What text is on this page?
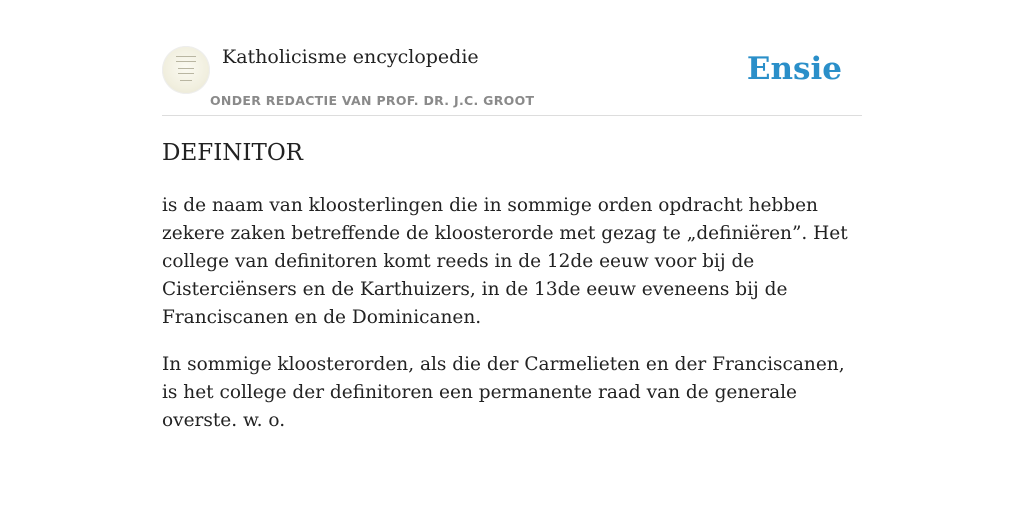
Katholicisme encyclopedie
ONDER REDACTIE VAN PROF. DR. J.C. GROOT
Ensie
DEFINITOR

is de naam van kloosterlingen die in sommige orden opdracht hebben zekere zaken betreffende de kloosterorde met gezag te „definiëren”. Het college van definitoren komt reeds in de 12de eeuw voor bij de Cisterciënsers en de Karthuizers, in de 13de eeuw eveneens bij de Franciscanen en de Dominicanen.

In sommige kloosterorden, als die der Carmelieten en der Franciscanen, is het college der definitoren een permanente raad van de generale overste. w. o.
